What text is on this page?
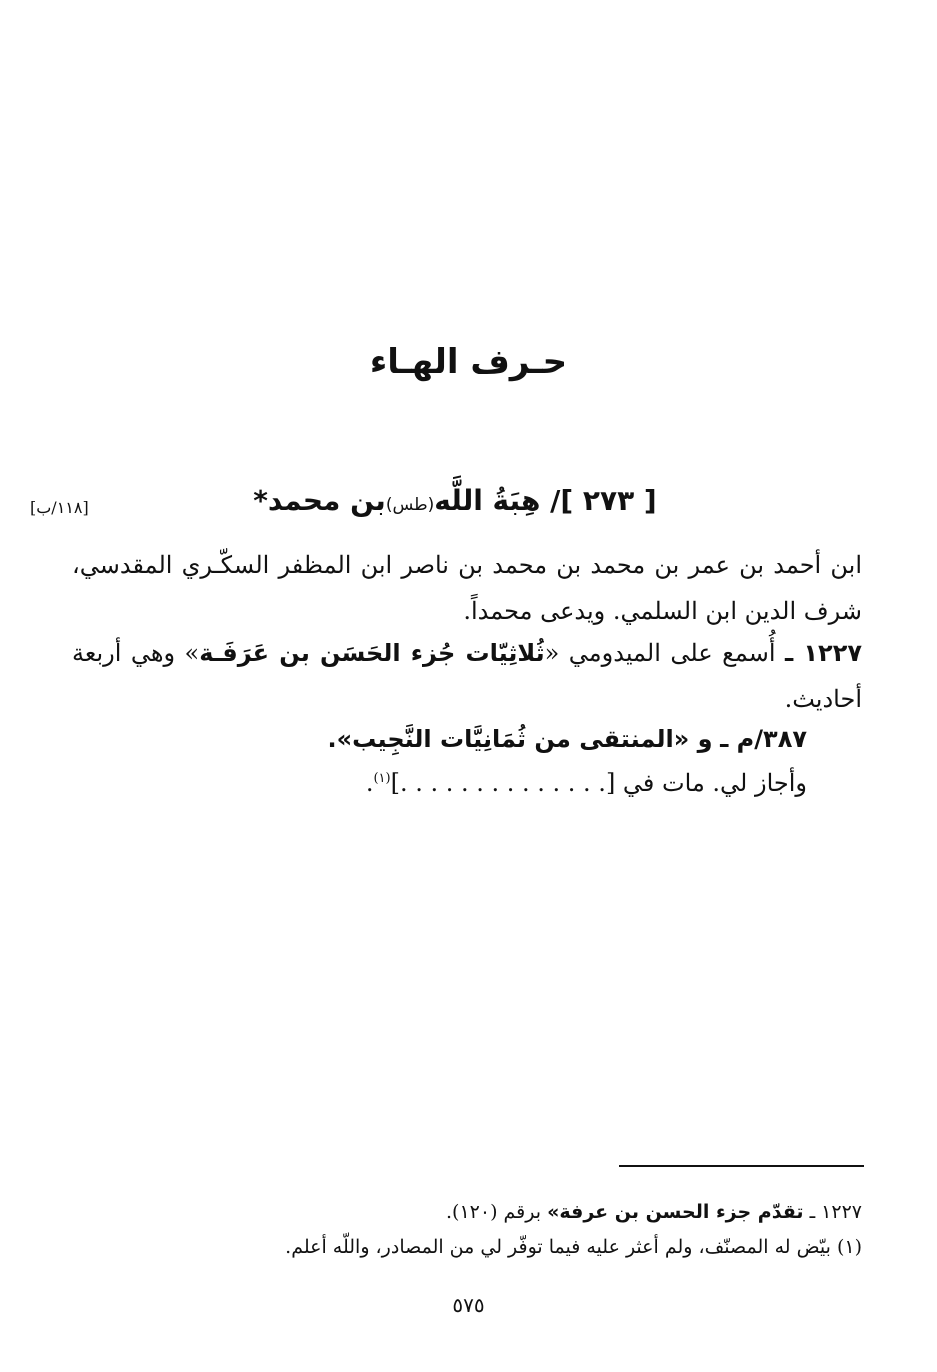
حـرف الهـاء
[ ٢٧٣ ]/ هِبَةُ اللَّه(طس)بن محمد*
[١١٨/ب]
ابن أحمد بن عمر بن محمد بن محمد بن ناصر ابن المظفر السكّـري المقدسي، شرف الدين ابن السلمي. ويدعى محمداً.
١٢٢٧ ـ أُسمع على الميدومي «ثُلاثِيّات جُزء الحَسَن بن عَرَفَـة» وهي أربعة أحاديث.
٣٨٧/م ـ و «المنتقى من ثُمَانِيَّات النَّجِيب».
وأجاز لي. مات في [. . . . . . . . . . . . . .]$^{(١)}$.
١٢٢٧ ـ تقدّم جزء الحسن بن عرفة» برقم (١٢٠).
(١) بيّض له المصنّف، ولم أعثر عليه فيما توفّر لي من المصادر، واللّه أعلم.
٥٧٥
